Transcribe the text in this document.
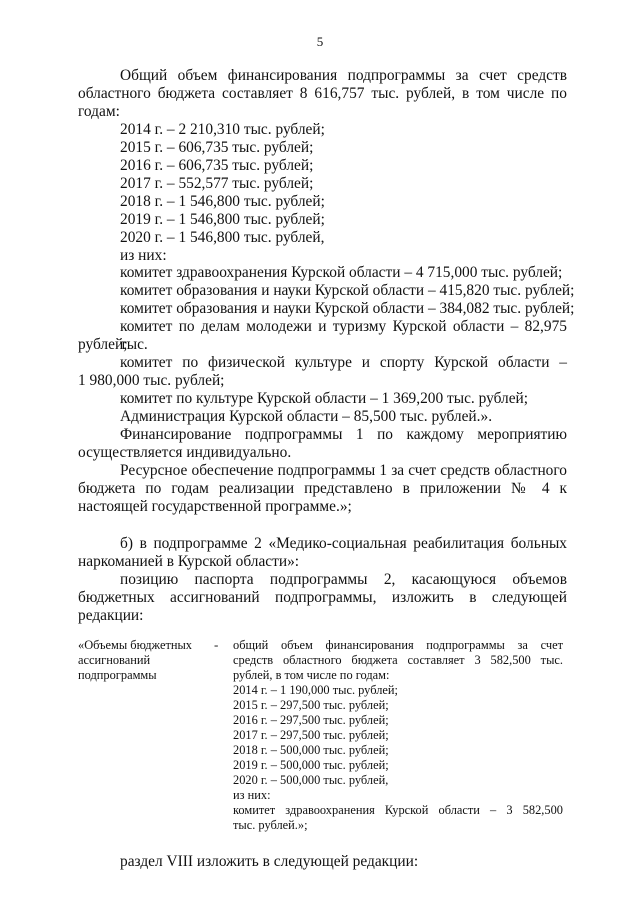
5
Общий объем финансирования подпрограммы за счет средств
областного бюджета составляет 8 616,757 тыс. рублей, в том числе по
годам:
2014 г. – 2 210,310 тыс. рублей;
2015 г. – 606,735 тыс. рублей;
2016 г. – 606,735 тыс. рублей;
2017 г. – 552,577 тыс. рублей;
2018 г. – 1 546,800 тыс. рублей;
2019 г. – 1 546,800 тыс. рублей;
2020 г. – 1 546,800 тыс. рублей,
из них:
комитет здравоохранения Курской области – 4 715,000 тыс. рублей;
комитет образования и науки Курской области – 415,820 тыс. рублей;
комитет образования и науки Курской области – 384,082 тыс. рублей;
комитет по делам молодежи и туризму Курской области – 82,975 тыс.
рублей;
комитет по физической культуре и спорту Курской области –
1 980,000 тыс. рублей;
комитет по культуре Курской области – 1 369,200 тыс. рублей;
Администрация Курской области – 85,500 тыс. рублей.».
Финансирование подпрограммы 1 по каждому мероприятию
осуществляется индивидуально.
Ресурсное обеспечение подпрограммы 1 за счет средств областного
бюджета по годам реализации представлено в приложении № 4 к
настоящей государственной программе.»;
б) в подпрограмме 2 «Медико-социальная реабилитация больных
наркоманией в Курской области»:
позицию паспорта подпрограммы 2, касающуюся объемов
бюджетных ассигнований подпрограммы, изложить в следующей
редакции:
«Объемы бюджетных
ассигнований
подпрограммы
- общий объем финансирования подпрограммы за счет
средств областного бюджета составляет 3 582,500 тыс.
рублей, в том числе по годам:
2014 г. – 1 190,000 тыс. рублей;
2015 г. – 297,500 тыс. рублей;
2016 г. – 297,500 тыс. рублей;
2017 г. – 297,500 тыс. рублей;
2018 г. – 500,000 тыс. рублей;
2019 г. – 500,000 тыс. рублей;
2020 г. – 500,000 тыс. рублей,
из них:
комитет здравоохранения Курской области – 3 582,500
тыс. рублей.»;
раздел VIII изложить в следующей редакции:
